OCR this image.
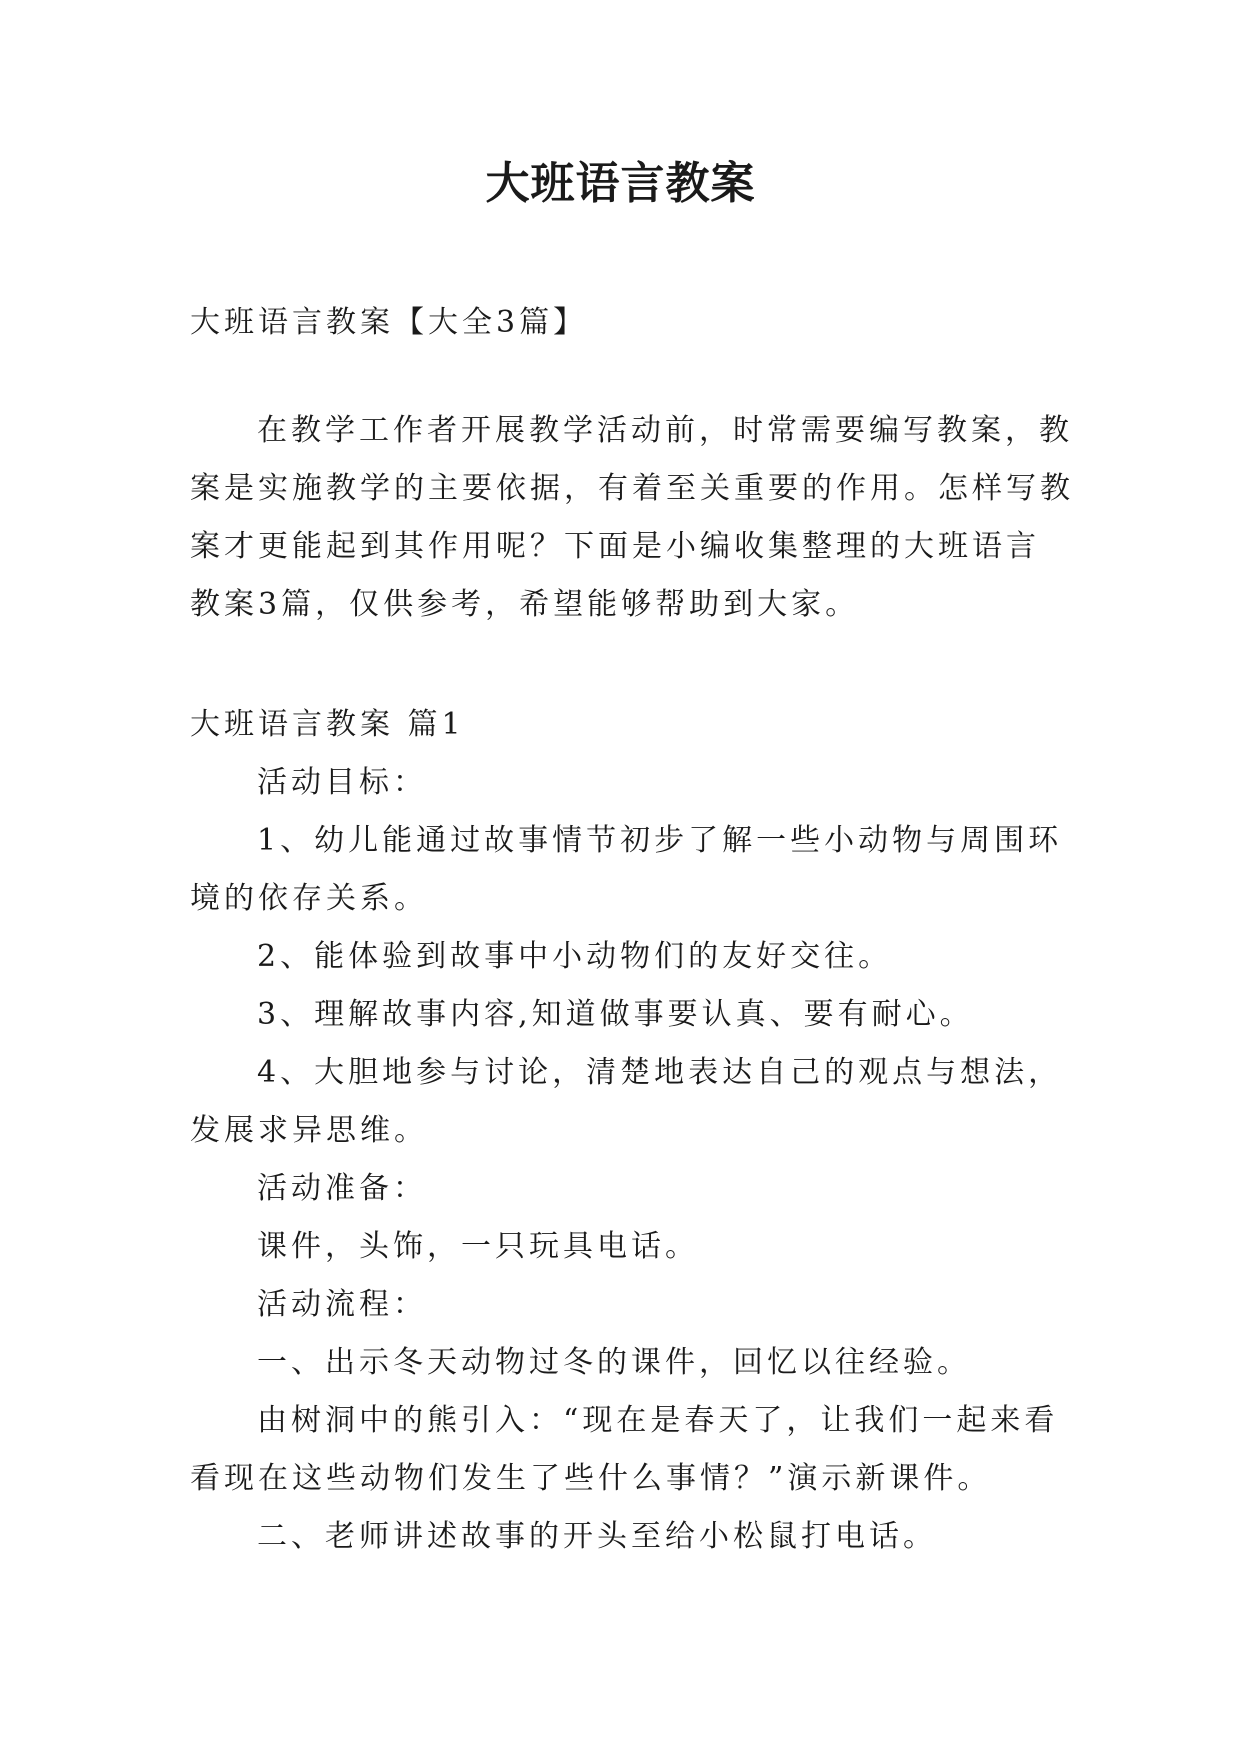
大班语言教案

大班语言教案【大全3篇】

在教学工作者开展教学活动前，时常需要编写教案，教

案是实施教学的主要依据，有着至关重要的作用。怎样写教

案才更能起到其作用呢？下面是小编收集整理的大班语言

教案3篇，仅供参考，希望能够帮助到大家。

大班语言教案 篇1

活动目标：

1、幼儿能通过故事情节初步了解一些小动物与周围环

境的依存关系。

2、能体验到故事中小动物们的友好交往。

3、理解故事内容,知道做事要认真、要有耐心。

4、大胆地参与讨论，清楚地表达自己的观点与想法，

发展求异思维。

活动准备：

课件，头饰，一只玩具电话。

活动流程：

一、出示冬天动物过冬的课件，回忆以往经验。

由树洞中的熊引入：“现在是春天了，让我们一起来看

看现在这些动物们发生了些什么事情？”演示新课件。

二、老师讲述故事的开头至给小松鼠打电话。
